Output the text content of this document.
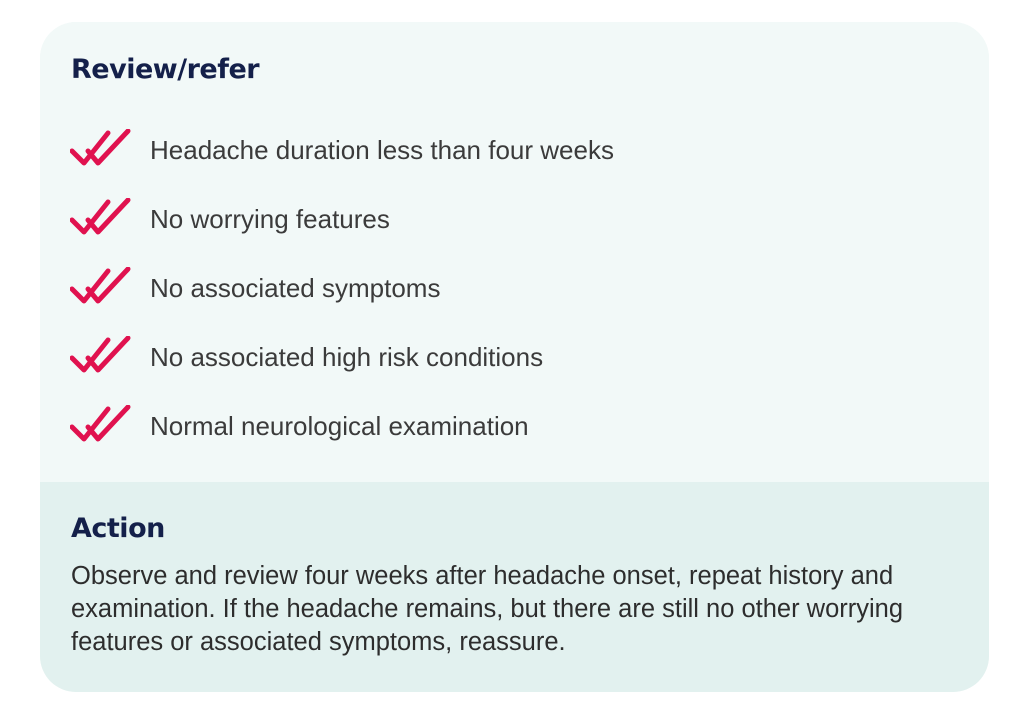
Review/refer
Headache duration less than four weeks
No worrying features
No associated symptoms
No associated high risk conditions
Normal neurological examination
Action

Observe and review four weeks after headache onset, repeat history and examination. If the headache remains, but there are still no other worrying features or associated symptoms, reassure.
